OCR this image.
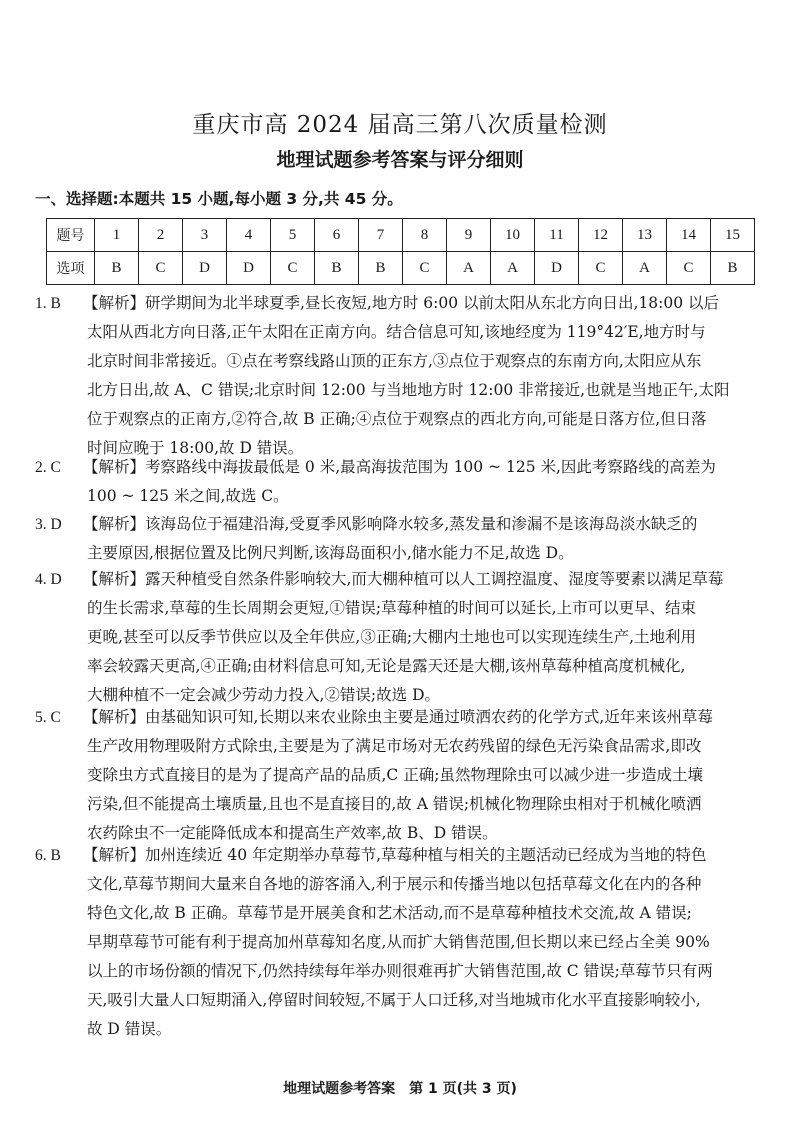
重庆市高 2024 届高三第八次质量检测
地理试题参考答案与评分细则
一、选择题:本题共 15 小题,每小题 3 分,共 45 分。
题号	1	2	3	4	5	6	7	8	9	10	11	12	13	14	15
选项	B	C	D	D	C	B	B	C	A	A	D	C	A	C	B
1. B 【解析】研学期间为北半球夏季,昼长夜短,地方时 6:00 以前太阳从东北方向日出,18:00 以后
太阳从西北方向日落,正午太阳在正南方向。结合信息可知,该地经度为 119°42′E,地方时与
北京时间非常接近。①点在考察线路山顶的正东方,③点位于观察点的东南方向,太阳应从东
北方日出,故 A、C 错误;北京时间 12:00 与当地地方时 12:00 非常接近,也就是当地正午,太阳
位于观察点的正南方,②符合,故 B 正确;④点位于观察点的西北方向,可能是日落方位,但日落
时间应晚于 18:00,故 D 错误。
2. C 【解析】考察路线中海拔最低是 0 米,最高海拔范围为 100 ~ 125 米,因此考察路线的高差为
100 ~ 125 米之间,故选 C。
3. D 【解析】该海岛位于福建沿海,受夏季风影响降水较多,蒸发量和渗漏不是该海岛淡水缺乏的
主要原因,根据位置及比例尺判断,该海岛面积小,储水能力不足,故选 D。
4. D 【解析】露天种植受自然条件影响较大,而大棚种植可以人工调控温度、湿度等要素以满足草莓
的生长需求,草莓的生长周期会更短,①错误;草莓种植的时间可以延长,上市可以更早、结束
更晚,甚至可以反季节供应以及全年供应,③正确;大棚内土地也可以实现连续生产,土地利用
率会较露天更高,④正确;由材料信息可知,无论是露天还是大棚,该州草莓种植高度机械化,
大棚种植不一定会减少劳动力投入,②错误;故选 D。
5. C 【解析】由基础知识可知,长期以来农业除虫主要是通过喷洒农药的化学方式,近年来该州草莓
生产改用物理吸附方式除虫,主要是为了满足市场对无农药残留的绿色无污染食品需求,即改
变除虫方式直接目的是为了提高产品的品质,C 正确;虽然物理除虫可以减少进一步造成土壤
污染,但不能提高土壤质量,且也不是直接目的,故 A 错误;机械化物理除虫相对于机械化喷洒
农药除虫不一定能降低成本和提高生产效率,故 B、D 错误。
6. B 【解析】加州连续近 40 年定期举办草莓节,草莓种植与相关的主题活动已经成为当地的特色
文化,草莓节期间大量来自各地的游客涌入,利于展示和传播当地以包括草莓文化在内的各种
特色文化,故 B 正确。草莓节是开展美食和艺术活动,而不是草莓种植技术交流,故 A 错误;
早期草莓节可能有利于提高加州草莓知名度,从而扩大销售范围,但长期以来已经占全美 90%
以上的市场份额的情况下,仍然持续每年举办则很难再扩大销售范围,故 C 错误;草莓节只有两
天,吸引大量人口短期涌入,停留时间较短,不属于人口迁移,对当地城市化水平直接影响较小,
故 D 错误。
地理试题参考答案　第 1 页(共 3 页)
